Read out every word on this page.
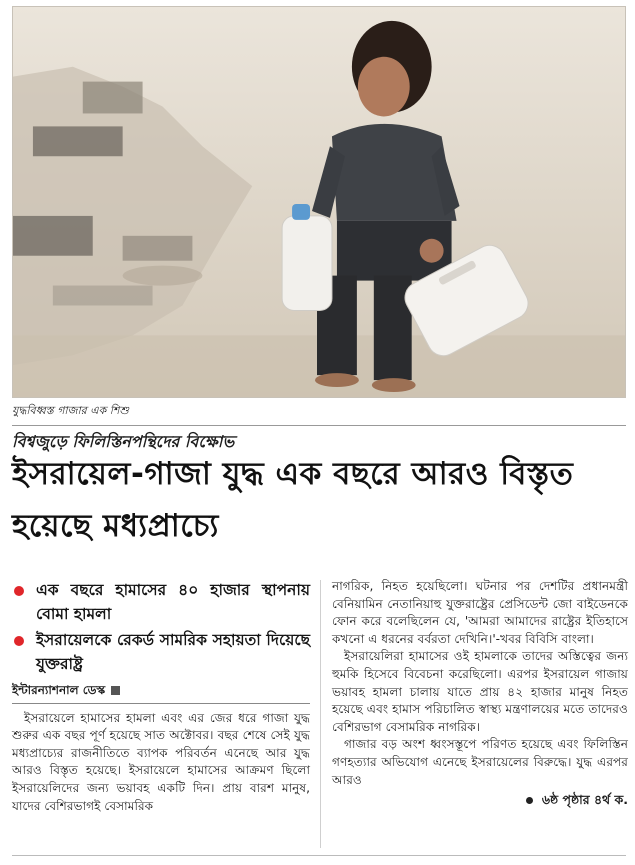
যুদ্ধবিধ্বস্ত গাজার এক শিশু
বিশ্বজুড়ে ফিলিস্তিনপন্থিদের বিক্ষোভ
ইসরায়েল-গাজা যুদ্ধ এক বছরে আরও বিস্তৃত হয়েছে মধ্যপ্রাচ্যে
এক বছরে হামাসের ৪০ হাজার স্থাপনায় বোমা হামলা
ইসরায়েলকে রেকর্ড সামরিক সহায়তা দিয়েছে যুক্তরাষ্ট্র
ইন্টারন্যাশনাল ডেস্ক

ইসরায়েলে হামাসের হামলা এবং এর জের ধরে গাজা যুদ্ধ শুরুর এক বছর পূর্ণ হয়েছে সাত অক্টোবর। বছর শেষে সেই যুদ্ধ মধ্যপ্রাচ্যের রাজনীতিতে ব্যাপক পরিবর্তন এনেছে আর যুদ্ধ আরও বিস্তৃত হয়েছে। ইসরায়েলে হামাসের আক্রমণ ছিলো ইসরায়েলিদের জন্য ভয়াবহ একটি দিন। প্রায় বারশ মানুষ, যাদের বেশিরভাগই বেসামরিক

নাগরিক, নিহত হয়েছিলো। ঘটনার পর দেশটির প্রধানমন্ত্রী বেনিয়ামিন নেতানিয়াহু যুক্তরাষ্ট্রের প্রেসিডেন্ট জো বাইডেনকে ফোন করে বলেছিলেন যে, 'আমরা আমাদের রাষ্ট্রের ইতিহাসে কখনো এ ধরনের বর্বরতা দেখিনি।'-খবর বিবিসি বাংলা।

ইসরায়েলিরা হামাসের ওই হামলাকে তাদের অস্তিত্বের জন্য হুমকি হিসেবে বিবেচনা করেছিলো। এরপর ইসরায়েল গাজায় ভয়াবহ হামলা চালায় যাতে প্রায় ৪২ হাজার মানুষ নিহত হয়েছে এবং হামাস পরিচালিত স্বাস্থ্য মন্ত্রণালয়ের মতে তাদেরও বেশিরভাগ বেসামরিক নাগরিক।

গাজার বড় অংশ ধ্বংসস্তূপে পরিণত হয়েছে এবং ফিলিস্তিন গণহত্যার অভিযোগ এনেছে ইসরায়েলের বিরুদ্ধে। যুদ্ধ এরপর আরও

৬ষ্ঠ পৃষ্ঠার ৪র্থ ক.
